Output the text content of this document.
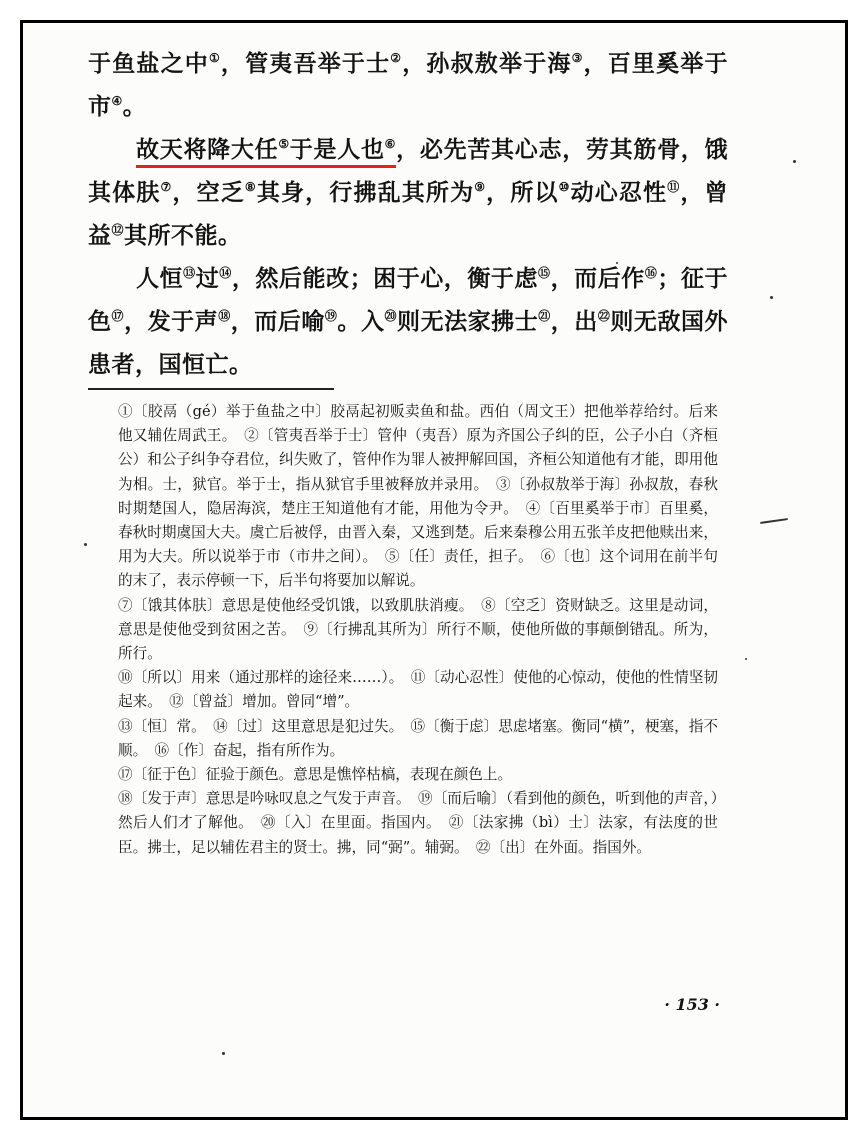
于鱼盐之中①，管夷吾举于士②，孙叔敖举于海③，百里奚举于市④。

故天将降大任⑤于是人也⑥，必先苦其心志，劳其筋骨，饿其体肤⑦，空乏⑧其身，行拂乱其所为⑨，所以⑩动心忍性⑪，曾益⑫其所不能。

人恒⑬过⑭，然后能改；困于心，衡于虑⑮，而后作⑯；征于色⑰，发于声⑱，而后喻⑲。入⑳则无法家拂士$^㉑$，出$^㉒$则无敌国外患者，国恒亡。

①〔胶鬲（gé）举于鱼盐之中〕胶鬲起初贩卖鱼和盐。西伯（周文王）把他举荐给纣。后来他又辅佐周武王。　 ②〔管夷吾举于士〕管仲（夷吾）原为齐国公子纠的臣，公子小白（齐桓公）和公子纠争夺君位，纠失败了，管仲作为罪人被押解回国，齐桓公知道他有才能，即用他为相。士，狱官。举于士，指从狱官手里被释放并录用。　 ③〔孙叔敖举于海〕孙叔敖，春秋时期楚国人，隐居海滨，楚庄王知道他有才能，用他为令尹。　 ④〔百里奚举于市〕百里奚，春秋时期虞国大夫。虞亡后被俘，由晋入秦，又逃到楚。后来秦穆公用五张羊皮把他赎出来，用为大夫。所以说举于市（市井之间）。　 ⑤〔任〕责任，担子。　 ⑥〔也〕这个词用在前半句的末了，表示停顿一下，后半句将要加以解说。

⑦〔饿其体肤〕意思是使他经受饥饿，以致肌肤消瘦。　 ⑧〔空乏〕资财缺乏。这里是动词，意思是使他受到贫困之苦。　 ⑨〔行拂乱其所为〕所行不顺，使他所做的事颠倒错乱。所为，所行。

⑩〔所以〕用来（通过那样的途径来……）。　 ⑪〔动心忍性〕使他的心惊动，使他的性情坚韧起来。　 ⑫〔曾益〕增加。曾同“增”。

⑬〔恒〕常。　 ⑭〔过〕这里意思是犯过失。　 ⑮〔衡于虑〕思虑堵塞。衡同“横”，梗塞，指不顺。　 ⑯〔作〕奋起，指有所作为。

⑰〔征于色〕征验于颜色。意思是憔悴枯槁，表现在颜色上。

⑱〔发于声〕意思是吟咏叹息之气发于声音。　 ⑲〔而后喻〕（看到他的颜色，听到他的声音，）然后人们才了解他。　 ⑳〔入〕在里面。指国内。　 ㉑〔法家拂（bì）士〕法家，有法度的世臣。拂士，足以辅佐君主的贤士。拂，同“弼”。辅弼。　 ㉒〔出〕在外面。指国外。

· 153 ·
